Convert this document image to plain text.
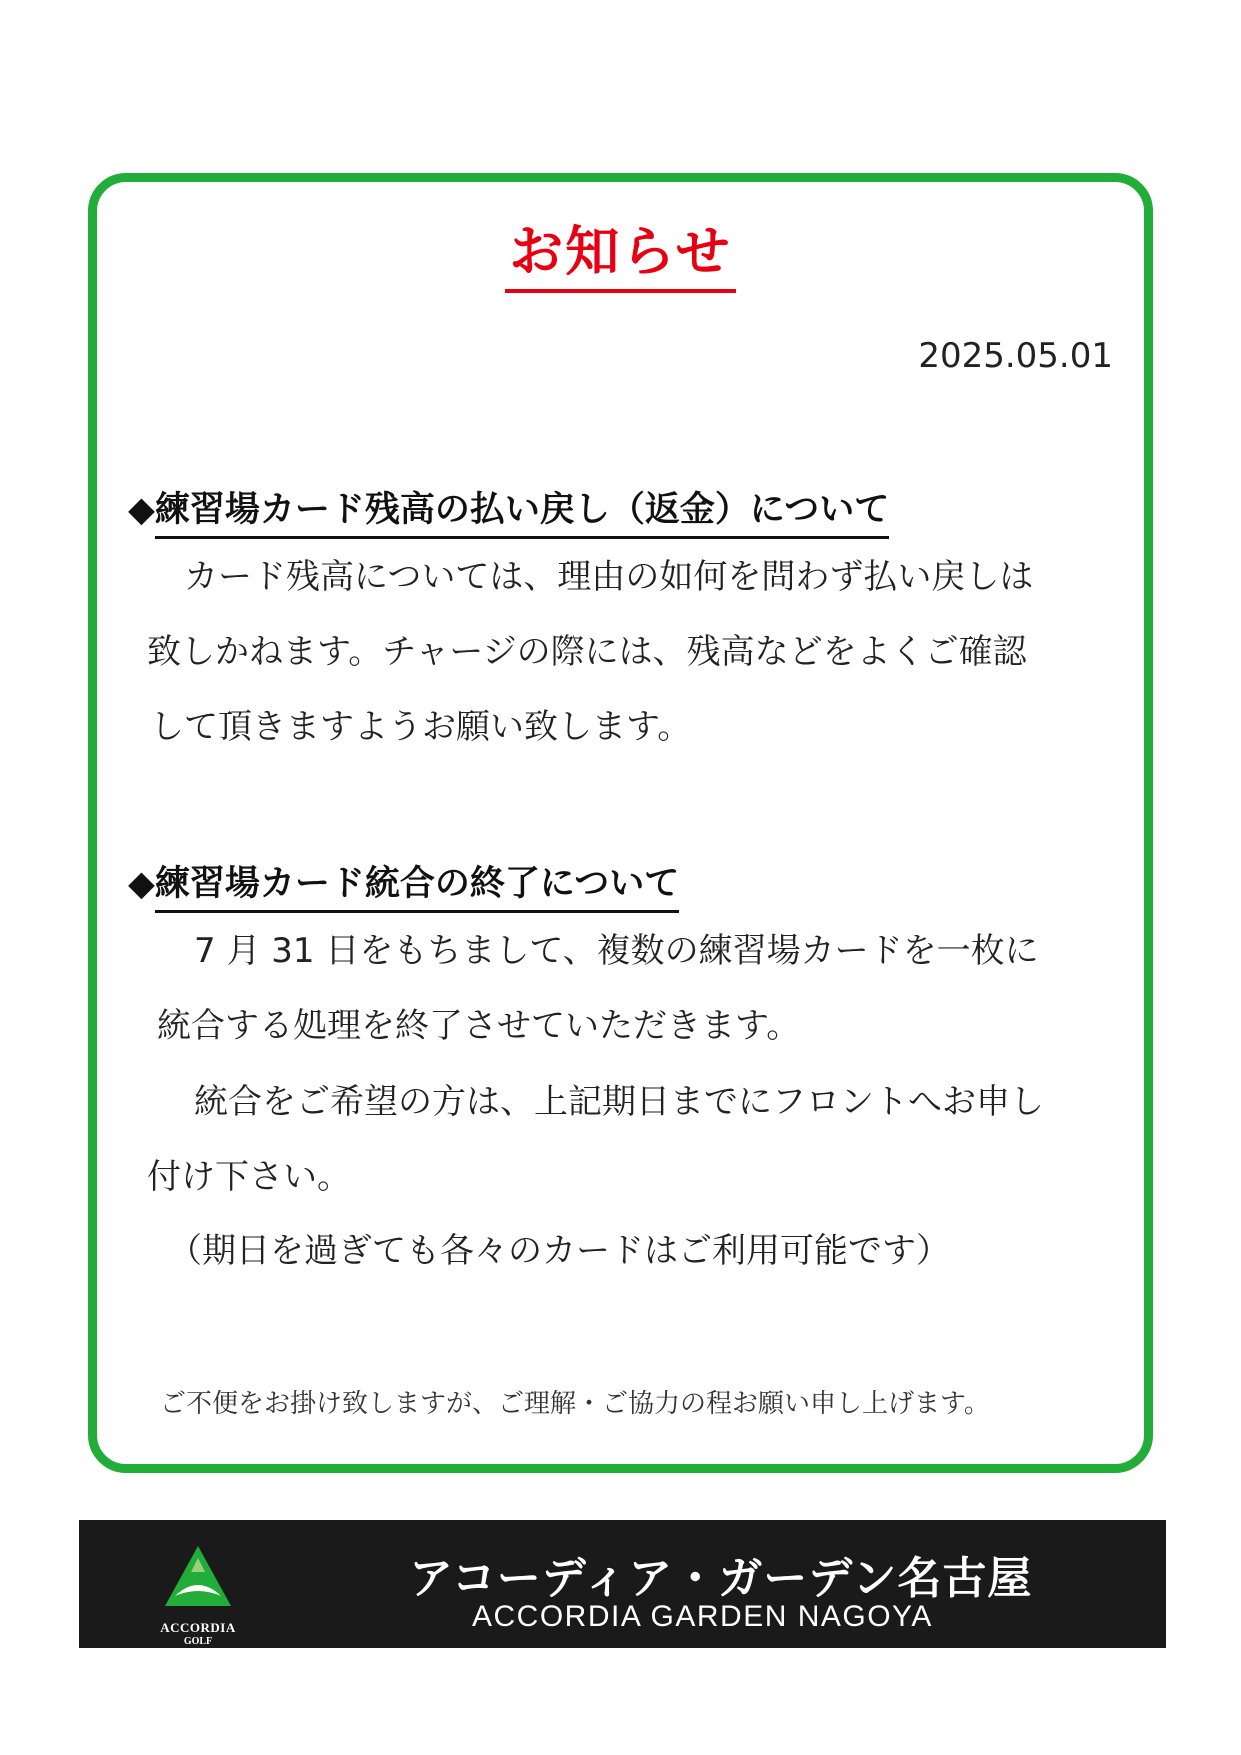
お知らせ
2025.05.01
◆練習場カード残高の払い戻し（返金）について
カード残高については、理由の如何を問わず払い戻しは
致しかねます。チャージの際には、残高などをよくご確認
して頂きますようお願い致します。
◆練習場カード統合の終了について
7 月 31 日をもちまして、複数の練習場カードを一枚に
統合する処理を終了させていただきます。
統合をご希望の方は、上記期日までにフロントへお申し
付け下さい。
（期日を過ぎても各々のカードはご利用可能です）
ご不便をお掛け致しますが、ご理解・ご協力の程お願い申し上げます。
ACCORDIA
GOLF
アコーディア・ガーデン名古屋
ACCORDIA GARDEN NAGOYA
